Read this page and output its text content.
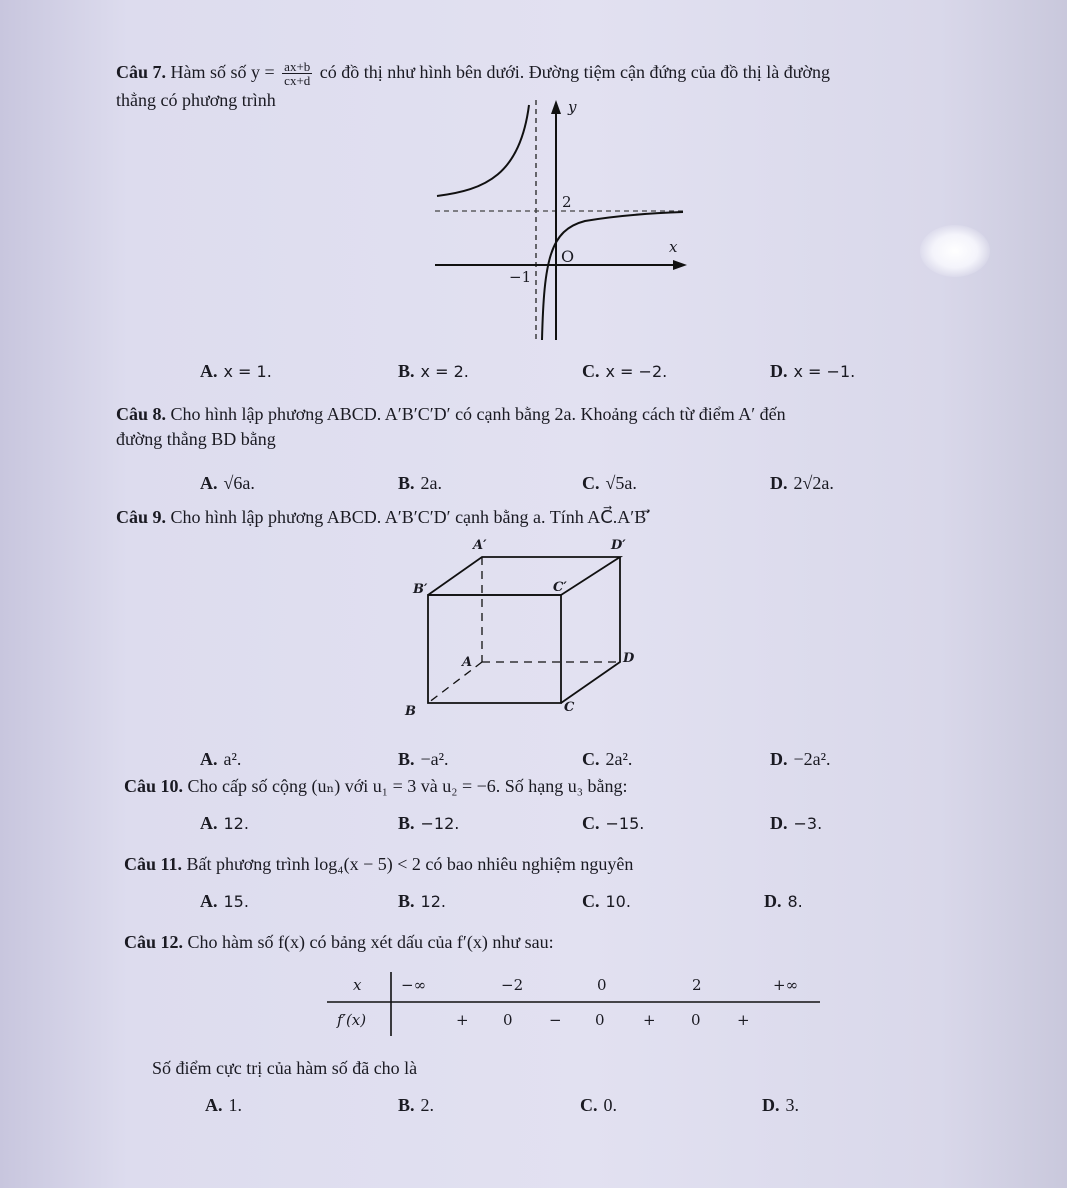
Câu 7. Hàm số số $y = \frac{ax+b}{cx+d}$ có đồ thị như hình bên dưới. Đường tiệm cận đứng của đồ thị là đường
thẳng có phương trình	y
x
O
2
−1
A. x = 1.	B. x = 2.	C. x = −2.	D. x = −1.
Câu 8. Cho hình lập phương ABCD. A′B′C′D′ có cạnh bằng 2a. Khoảng cách từ điểm A′ đến
đường thẳng BD bằng
A. √6a.	B. 2a.	C. √5a.	D. 2√2a.
Câu 9. Cho hình lập phương ABCD. A′B′C′D′ cạnh bằng a. Tính AC⃗.A′B′⃗
A′	D′
B′	C′
A	D
B	C
A. a².	B. −a².	C. 2a².	D. −2a².
Câu 10. Cho cấp số cộng (uₙ) với u₁ = 3 và u₂ = −6. Số hạng u₃ bằng:
A. 12.	B. −12.	C. −15.	D. −3.
Câu 11. Bất phương trình log₄(x − 5) < 2 có bao nhiêu nghiệm nguyên
A. 15.	B. 12.	C. 10.	D. 8.
Câu 12. Cho hàm số f(x) có bảng xét dấu của f′(x) như sau:
x	−∞	−2	0	2	+∞
f′(x)	+ 0 − 0	+ 0 +
Số điểm cực trị của hàm số đã cho là
A. 1.	B. 2.	C. 0.	D. 3.
